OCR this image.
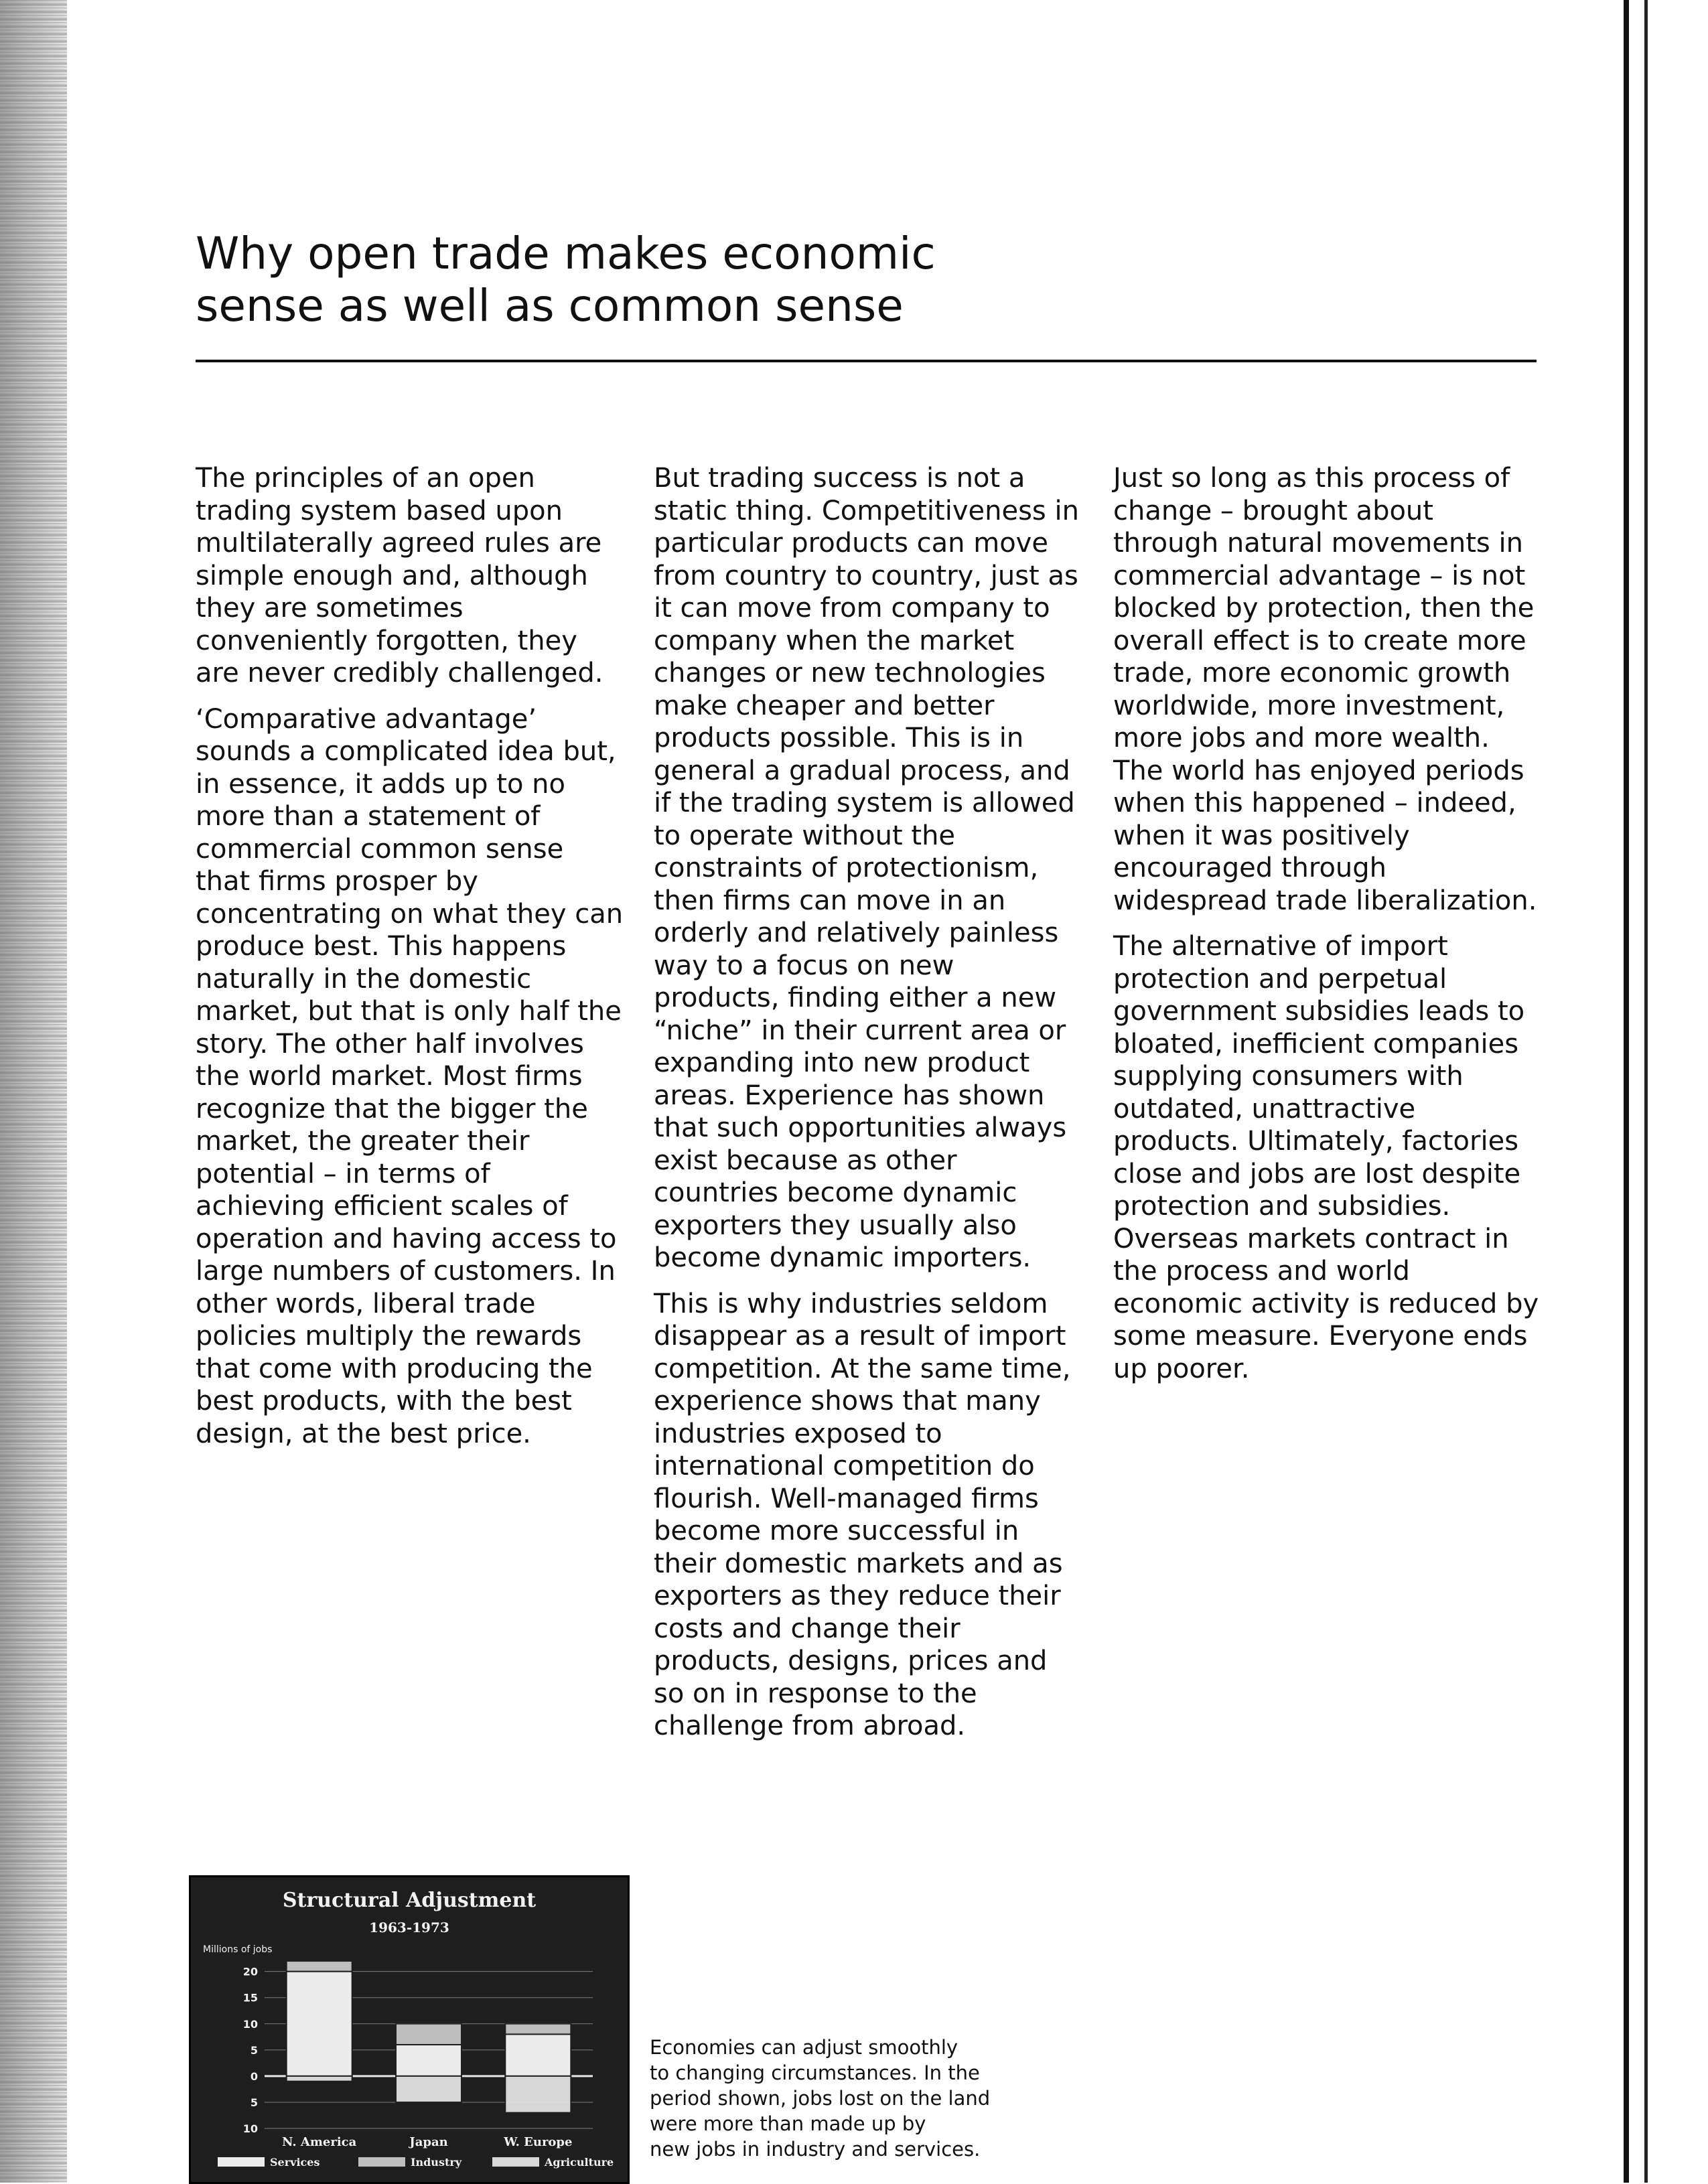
Why open trade makes economic
sense as well as common sense

The principles of an open trading system based upon multilaterally agreed rules are simple enough and, although they are sometimes conveniently forgotten, they are never credibly challenged.

‘Comparative advantage’ sounds a complicated idea but, in essence, it adds up to no more than a statement of commercial common sense that firms prosper by concentrating on what they can produce best. This happens naturally in the domestic market, but that is only half the story. The other half involves the world market. Most firms recognize that the bigger the market, the greater their potential – in terms of achieving efficient scales of operation and having access to large numbers of customers. In other words, liberal trade policies multiply the rewards that come with producing the best products, with the best design, at the best price.

But trading success is not a static thing. Competitiveness in particular products can move from country to country, just as it can move from company to company when the market changes or new technologies make cheaper and better products possible. This is in general a gradual process, and if the trading system is allowed to operate without the constraints of protectionism, then firms can move in an orderly and relatively painless way to a focus on new products, finding either a new “niche” in their current area or expanding into new product areas. Experience has shown that such opportunities always exist because as other countries become dynamic exporters they usually also become dynamic importers.

This is why industries seldom disappear as a result of import competition. At the same time, experience shows that many industries exposed to international competition do flourish. Well-managed firms become more successful in their domestic markets and as exporters as they reduce their costs and change their products, designs, prices and so on in response to the challenge from abroad.

Just so long as this process of change – brought about through natural movements in commercial advantage – is not blocked by protection, then the overall effect is to create more trade, more economic growth worldwide, more investment, more jobs and more wealth. The world has enjoyed periods when this happened – indeed, when it was positively encouraged through widespread trade liberalization.

The alternative of import protection and perpetual government subsidies leads to bloated, inefficient companies supplying consumers with outdated, unattractive products. Ultimately, factories close and jobs are lost despite protection and subsidies. Overseas markets contract in the process and world economic activity is reduced by some measure. Everyone ends up poorer.

Structural Adjustment
1963-1973
Millions of jobs
20
15
10
5
0
5
10
N. America	Japan	W. Europe
Services	Industry	Agriculture
Economies can adjust smoothly
to changing circumstances. In the
period shown, jobs lost on the land
were more than made up by
new jobs in industry and services.
